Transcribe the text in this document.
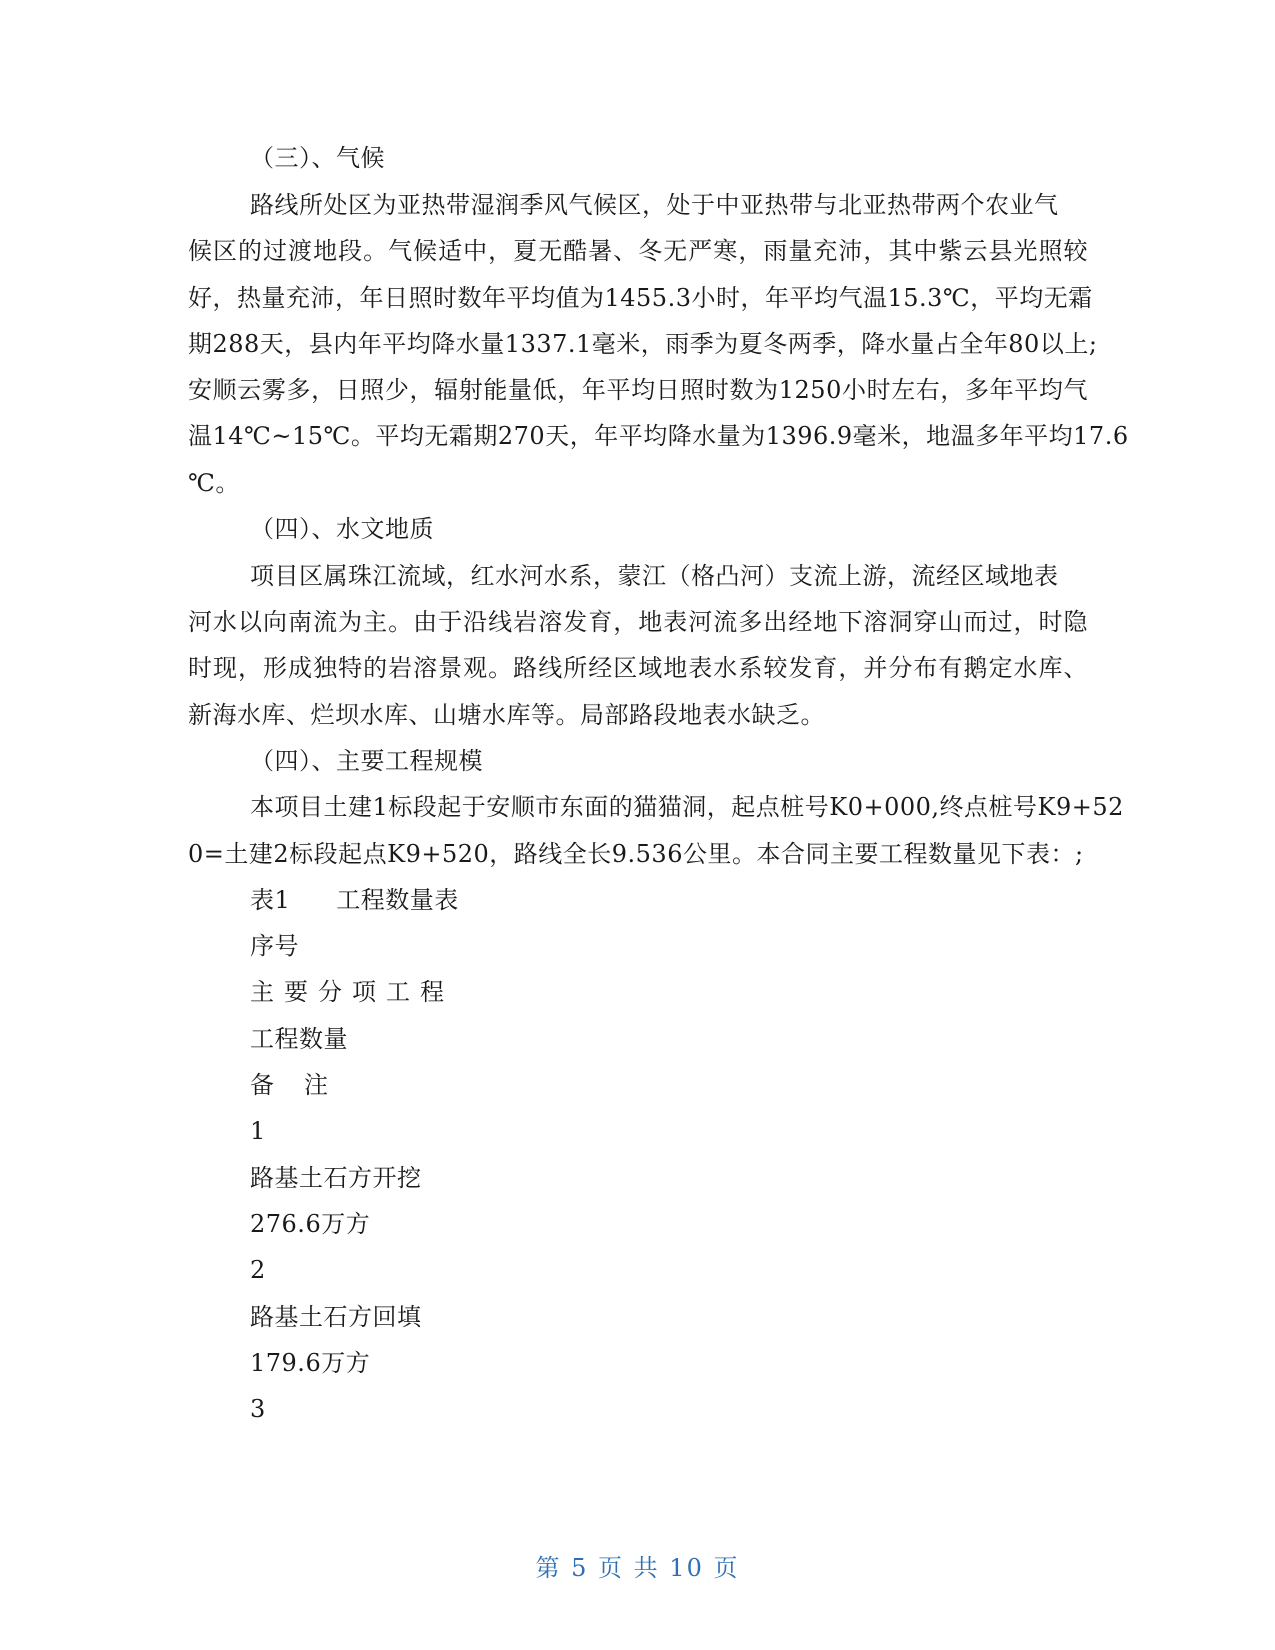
（三）、气候
路线所处区为亚热带湿润季风气候区，处于中亚热带与北亚热带两个农业气
候区的过渡地段。气候适中，夏无酷暑、冬无严寒，雨量充沛，其中紫云县光照较
好，热量充沛，年日照时数年平均值为1455.3小时，年平均气温15.3℃，平均无霜
期288天，县内年平均降水量1337.1毫米，雨季为夏冬两季，降水量占全年80以上;
安顺云雾多，日照少，辐射能量低，年平均日照时数为1250小时左右，多年平均气
温14℃~15℃。平均无霜期270天，年平均降水量为1396.9毫米，地温多年平均17.6
℃。
（四）、水文地质
项目区属珠江流域，红水河水系，蒙江（格凸河）支流上游，流经区域地表
河水以向南流为主。由于沿线岩溶发育，地表河流多出经地下溶洞穿山而过，时隐
时现，形成独特的岩溶景观。路线所经区域地表水系较发育，并分布有鹅定水库、
新海水库、烂坝水库、山塘水库等。局部路段地表水缺乏。
（四）、主要工程规模
本项目土建1标段起于安顺市东面的猫猫洞，起点桩号K0+000,终点桩号K9+52
0=土建2标段起点K9+520，路线全长9.536公里。本合同主要工程数量见下表：;
表1 工程数量表
序号
主要分项工程
工程数量
备注
1
路基土石方开挖
276.6万方
2
路基土石方回填
179.6万方
3
第 5 页 共 10 页
